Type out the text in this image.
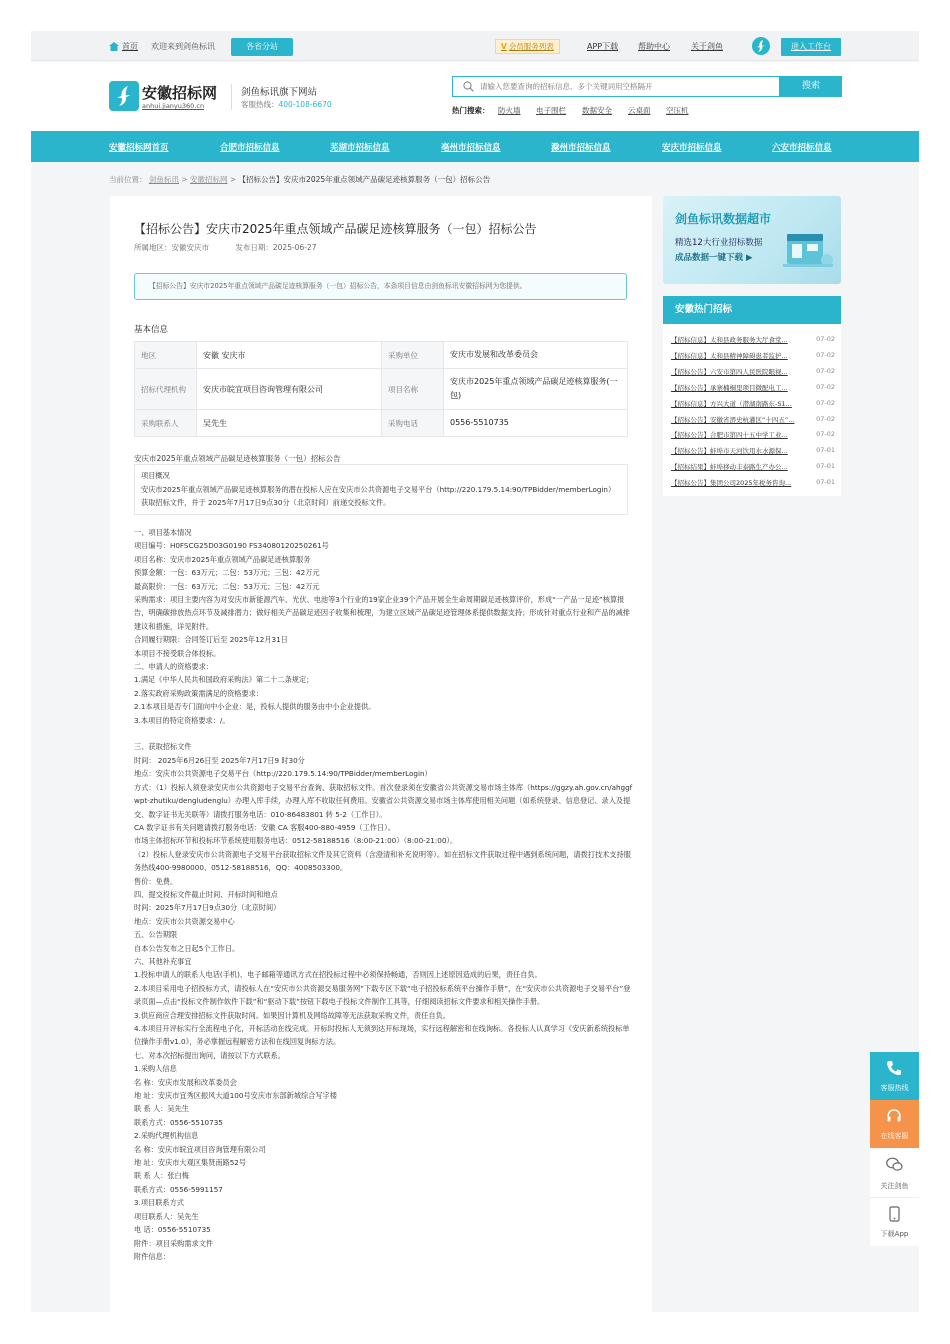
首页 欢迎来到剑鱼标讯	各省分站	V 会员服务列表	APP下载 帮助中心	关于剑鱼	进入工作台
安徽招标网
anhui.jianyu360.cn
剑鱼标讯旗下网站
客服热线：400-108-6670
请输入您要查询的招标信息、多个关键词用空格隔开
搜索
热门搜索： 防火墙 电子围栏 数据安全 云桌面 空压机
安徽招标网首页	合肥市招标信息	芜湖市招标信息	亳州市招标信息	滁州市招标信息	安庆市招标信息	六安市招标信息
当前位置： 剑鱼标讯 > 安徽招标网 > 【招标公告】安庆市2025年重点领域产品碳足迹核算服务（一包）招标公告
【招标公告】安庆市2025年重点领域产品碳足迹核算服务（一包）招标公告
所属地区：安徽安庆市	发布日期：2025-06-27
【招标公告】安庆市2025年重点领域产品碳足迹核算服务（一包）招标公告，本条项目信息由剑鱼标讯安徽招标网为您提供。
基本信息
地区	安徽 安庆市	采购单位	安庆市发展和改革委员会
招标代理机构	安庆市皖宜项目咨询管理有限公司	项目名称	安庆市2025年重点领域产品碳足迹核算服务(一包)
采购联系人	吴先生	采购电话	0556-5510735
安庆市2025年重点领域产品碳足迹核算服务（一包）招标公告
项目概况
安庆市2025年重点领域产品碳足迹核算服务的潜在投标人应在安庆市公共资源电子交易平台（http://220.179.5.14:90/TPBidder/memberLogin）获取招标文件，并于 2025年7月17日9点30分（北京时间）前递交投标文件。

一、项目基本情况

项目编号：H0FSCG25D03G0190 FS34080120250261号

项目名称：安庆市2025年重点领域产品碳足迹核算服务

预算金额：一包：63万元；二包：53万元；三包：42万元

最高限价：一包：63万元；二包：53万元；三包：42万元

采购需求：项目主要内容为对安庆市新能源汽车、光伏、电池等3个行业的19家企业39个产品开展全生命周期碳足迹核算评价，形成“一产品一足迹”核算报告，明确碳排放热点环节及减排潜力；做好相关产品碳足迹因子收集和梳理，为建立区域产品碳足迹管理体系提供数据支持；形成针对重点行业和产品的减排建议和措施，详见附件。

合同履行期限：合同签订后至 2025年12月31日

本项目不接受联合体投标。

二、申请人的资格要求：

1.满足《中华人民共和国政府采购法》第二十二条规定；

2.落实政府采购政策需满足的资格要求：

2.1本项目是否专门面向中小企业：是，投标人提供的服务由中小企业提供。

3.本项目的特定资格要求：/。

三、获取招标文件

时间： 2025年6月26日至 2025年7月17日9 时30分

地点：安庆市公共资源电子交易平台（http://220.179.5.14:90/TPBidder/memberLogin）

方式：（1）投标人须登录安庆市公共资源电子交易平台查询、获取招标文件。首次登录须在安徽省公共资源交易市场主体库（https://ggzy.ah.gov.cn/ahggfwpt-zhutiku/dengludenglu）办理入库手续，办理入库不收取任何费用。安徽省公共资源交易市场主体库使用相关问题（如系统登录、信息登记、录入及提交、数字证书无关联等）请拨打服务电话：010-86483801 转 5-2（工作日）。

CA 数字证书有关问题请拨打服务电话：安徽 CA 客服400-880-4959（工作日）。

市场主体招标环节和投标环节系统使用服务电话：0512-58188516（8:00-21:00）（8:00-21:00）。

（2）投标人登录安庆市公共资源电子交易平台获取招标文件及其它资料（含澄清和补充说明等）。如在招标文件获取过程中遇到系统问题，请拨打技术支持服务热线400-9980000、0512-58188516，QQ：4008503300。

售价：免费。

四、提交投标文件截止时间、开标时间和地点

时间：2025年7月17日9点30分（北京时间）

地点：安庆市公共资源交易中心

五、公告期限

自本公告发布之日起5个工作日。

六、其他补充事宜

1.投标申请人的联系人电话(手机)、电子邮箱等通讯方式在招投标过程中必须保持畅通，否则因上述原因造成的后果，责任自负。

2.本项目采用电子招投标方式，请投标人在“安庆市公共资源交易服务网”下载专区下载“电子招投标系统平台操作手册”，在“安庆市公共资源电子交易平台”登录页面—点击“投标文件制作软件下载”和“驱动下载”按钮下载电子投标文件制作工具等，仔细阅读招标文件要求和相关操作手册。

3.供应商应合理安排招标文件获取时间。如果因计算机及网络故障等无法获取采购文件，责任自负。

4.本项目开评标实行全流程电子化，开标活动在线完成。开标时投标人无须到达开标现场，实行远程解密和在线询标。各投标人认真学习《安庆新系统投标单位操作手册v1.0》，务必掌握远程解密方法和在线回复询标方法。

七、对本次招标提出询问，请按以下方式联系。

1.采购人信息

名 称：安庆市发展和改革委员会

地 址：安庆市宜秀区振风大道100号安庆市东部新城综合写字楼

联 系 人：吴先生

联系方式：0556-5510735

2.采购代理机构信息

名 称：安庆市皖宜项目咨询管理有限公司

地 址：安庆市大观区集贤南路52号

联 系 人：张白梅

联系方式：0556-5991157

3.项目联系方式

项目联系人：吴先生

电 话：0556-5510735

附件：项目采购需求文件

附件信息：

剑鱼标讯数据超市
精选12大行业招标数据
成品数据一键下载 ▶
安徽热门招标
【招标信息】太和县政务服务大厅食堂...	07-02
【招标信息】太和县精神障碍患者监护...	07-02
【招标公告】六安市第四人民医院眼视...	07-02
【招标公告】承寨楠桐里项目微配电工...	07-02
【招标信息】方兴大道（潜湖南路东-S1...	07-02
【招标公告】安徽省淠史杭灌区“十四五”...	07-02
【招标公告】合肥市第四十五中学工业...	07-02
【招标公告】蚌埠市天河饮用水水源保...	07-01
【招标结果】蚌埠移动丰泰路生产办公...	07-01
【招标公告】集团公司2025年税务咨询...	07-01
客服热线
在线客服
关注剑鱼
下载App
